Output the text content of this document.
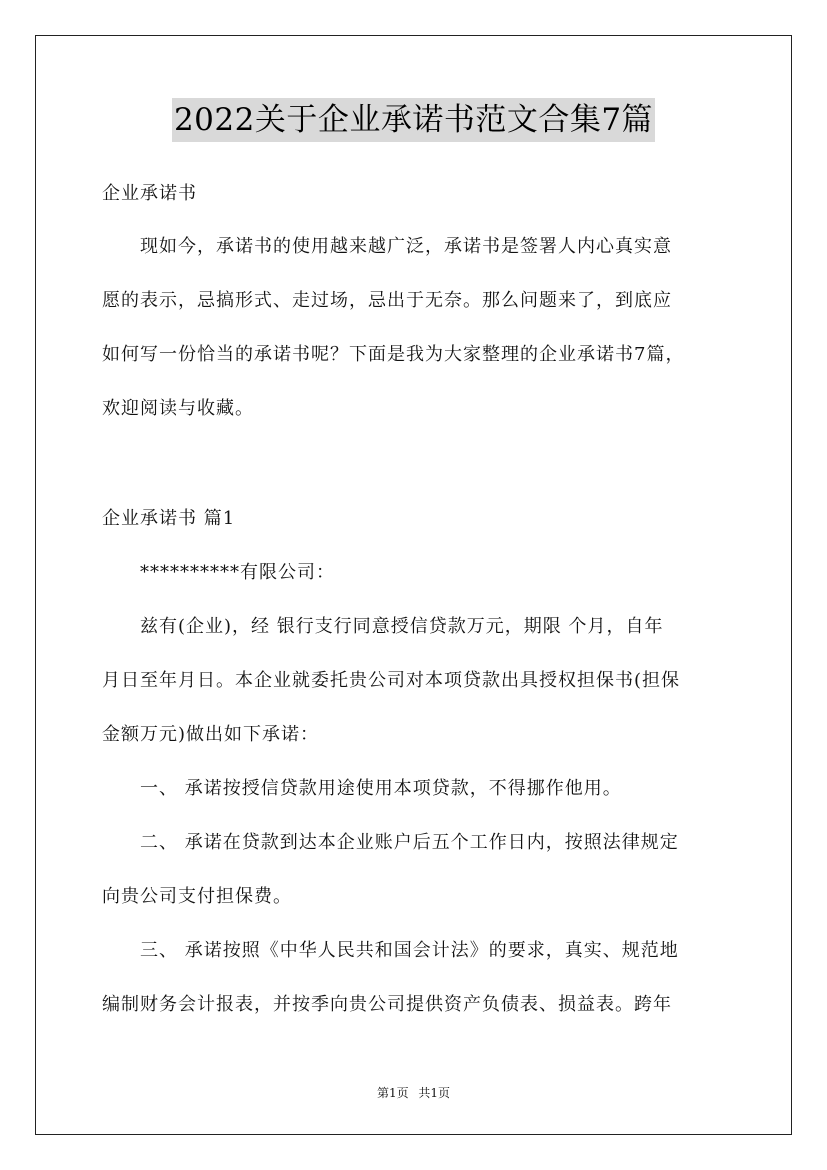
2022关于企业承诺书范文合集7篇
企业承诺书
　　现如今，承诺书的使用越来越广泛，承诺书是签署人内心真实意
愿的表示，忌搞形式、走过场，忌出于无奈。那么问题来了，到底应
如何写一份恰当的承诺书呢？下面是我为大家整理的企业承诺书7篇，
欢迎阅读与收藏。
企业承诺书 篇1
　　**********有限公司：
　　兹有(企业)，经 银行支行同意授信贷款万元，期限 个月，自年
月日至年月日。本企业就委托贵公司对本项贷款出具授权担保书(担保
金额万元)做出如下承诺：
　　一、 承诺按授信贷款用途使用本项贷款，不得挪作他用。
　　二、 承诺在贷款到达本企业账户后五个工作日内，按照法律规定
向贵公司支付担保费。
　　三、 承诺按照《中华人民共和国会计法》的要求，真实、规范地
编制财务会计报表，并按季向贵公司提供资产负债表、损益表。跨年
第1页 共1页
